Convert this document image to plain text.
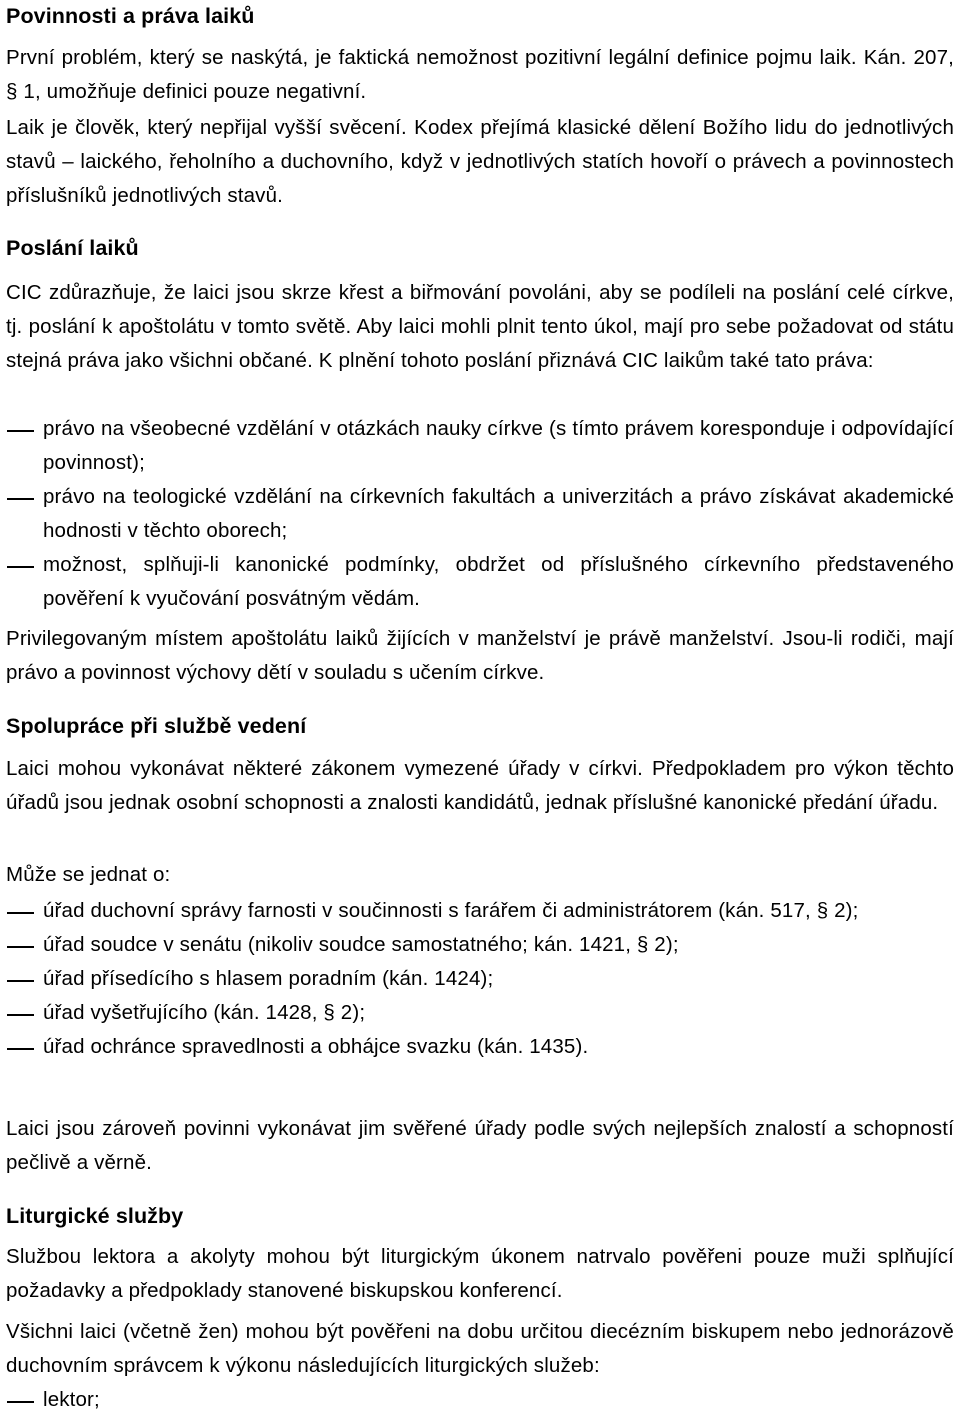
Povinnosti a práva laiků

První problém, který se naskýtá, je faktická nemožnost pozitivní legální definice pojmu laik. Kán. 207, § 1, umožňuje definici pouze negativní.

Laik je člověk, který nepřijal vyšší svěcení. Kodex přejímá klasické dělení Božího lidu do jednotlivých stavů – laického, řeholního a duchovního, když v jednotlivých statích hovoří o právech a povinnostech příslušníků jednotlivých stavů.

Poslání laiků

CIC zdůrazňuje, že laici jsou skrze křest a biřmování povoláni, aby se podíleli na poslání celé církve, tj. poslání k apoštolátu v tomto světě. Aby laici mohli plnit tento úkol, mají pro sebe požadovat od státu stejná práva jako všichni občané. K plnění tohoto poslání přiznává CIC laikům také tato práva:

právo na všeobecné vzdělání v otázkách nauky církve (s tímto právem koresponduje i odpovídající povinnost);
právo na teologické vzdělání na církevních fakultách a univerzitách a právo získávat akademické hodnosti v těchto oborech;
možnost, splňuji-li kanonické podmínky, obdržet od příslušného církevního představeného pověření k vyučování posvátným vědám.

Privilegovaným místem apoštolátu laiků žijících v manželství je právě manželství. Jsou-li rodiči, mají právo a povinnost výchovy dětí v souladu s učením církve.

Spolupráce při službě vedení

Laici mohou vykonávat některé zákonem vymezené úřady v církvi. Předpokladem pro výkon těchto úřadů jsou jednak osobní schopnosti a znalosti kandidátů, jednak příslušné kanonické předání úřadu.

Může se jednat o:

úřad duchovní správy farnosti v součinnosti s farářem či administrátorem (kán. 517, § 2);
úřad soudce v senátu (nikoliv soudce samostatného; kán. 1421, § 2);
úřad přísedícího s hlasem poradním (kán. 1424);
úřad vyšetřujícího (kán. 1428, § 2);
úřad ochránce spravedlnosti a obhájce svazku (kán. 1435).

Laici jsou zároveň povinni vykonávat jim svěřené úřady podle svých nejlepších znalostí a schopností pečlivě a věrně.

Liturgické služby

Službou lektora a akolyty mohou být liturgickým úkonem natrvalo pověřeni pouze muži splňující požadavky a předpoklady stanovené biskupskou konferencí.

Všichni laici (včetně žen) mohou být pověřeni na dobu určitou diecézním biskupem nebo jednorázově duchovním správcem k výkonu následujících liturgických služeb:

lektor;
